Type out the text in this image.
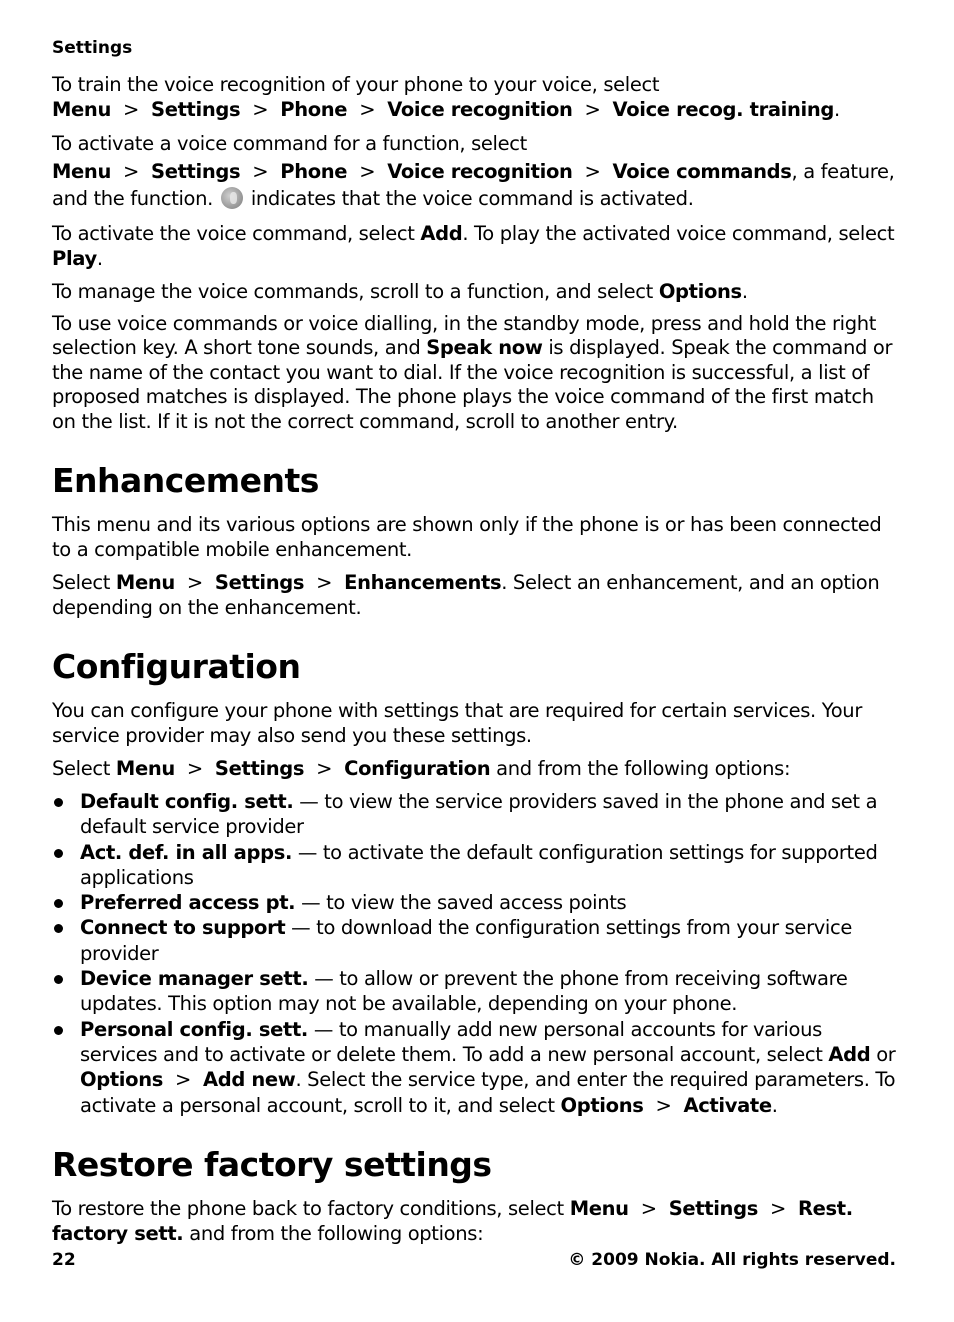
Settings

To train the voice recognition of your phone to your voice, select Menu > Settings > Phone > Voice recognition > Voice recog. training.

To activate a voice command for a function, select Menu > Settings > Phone > Voice recognition > Voice commands, a feature, and the function. indicates that the voice command is activated.

To activate the voice command, select Add. To play the activated voice command, select Play.

To manage the voice commands, scroll to a function, and select Options.

To use voice commands or voice dialling, in the standby mode, press and hold the right selection key. A short tone sounds, and Speak now is displayed. Speak the command or the name of the contact you want to dial. If the voice recognition is successful, a list of proposed matches is displayed. The phone plays the voice command of the first match on the list. If it is not the correct command, scroll to another entry.

Enhancements

This menu and its various options are shown only if the phone is or has been connected to a compatible mobile enhancement.

Select Menu > Settings > Enhancements. Select an enhancement, and an option depending on the enhancement.

Configuration

You can configure your phone with settings that are required for certain services. Your service provider may also send you these settings.

Select Menu > Settings > Configuration and from the following options:

Default config. sett. — to view the service providers saved in the phone and set a default service provider
Act. def. in all apps. — to activate the default configuration settings for supported applications
Preferred access pt. — to view the saved access points
Connect to support — to download the configuration settings from your service provider
Device manager sett. — to allow or prevent the phone from receiving software updates. This option may not be available, depending on your phone.
Personal config. sett. — to manually add new personal accounts for various services and to activate or delete them. To add a new personal account, select Add or Options > Add new. Select the service type, and enter the required parameters. To activate a personal account, scroll to it, and select Options > Activate.
Restore factory settings

To restore the phone back to factory conditions, select Menu > Settings > Rest. factory sett. and from the following options:

22	© 2009 Nokia. All rights reserved.
